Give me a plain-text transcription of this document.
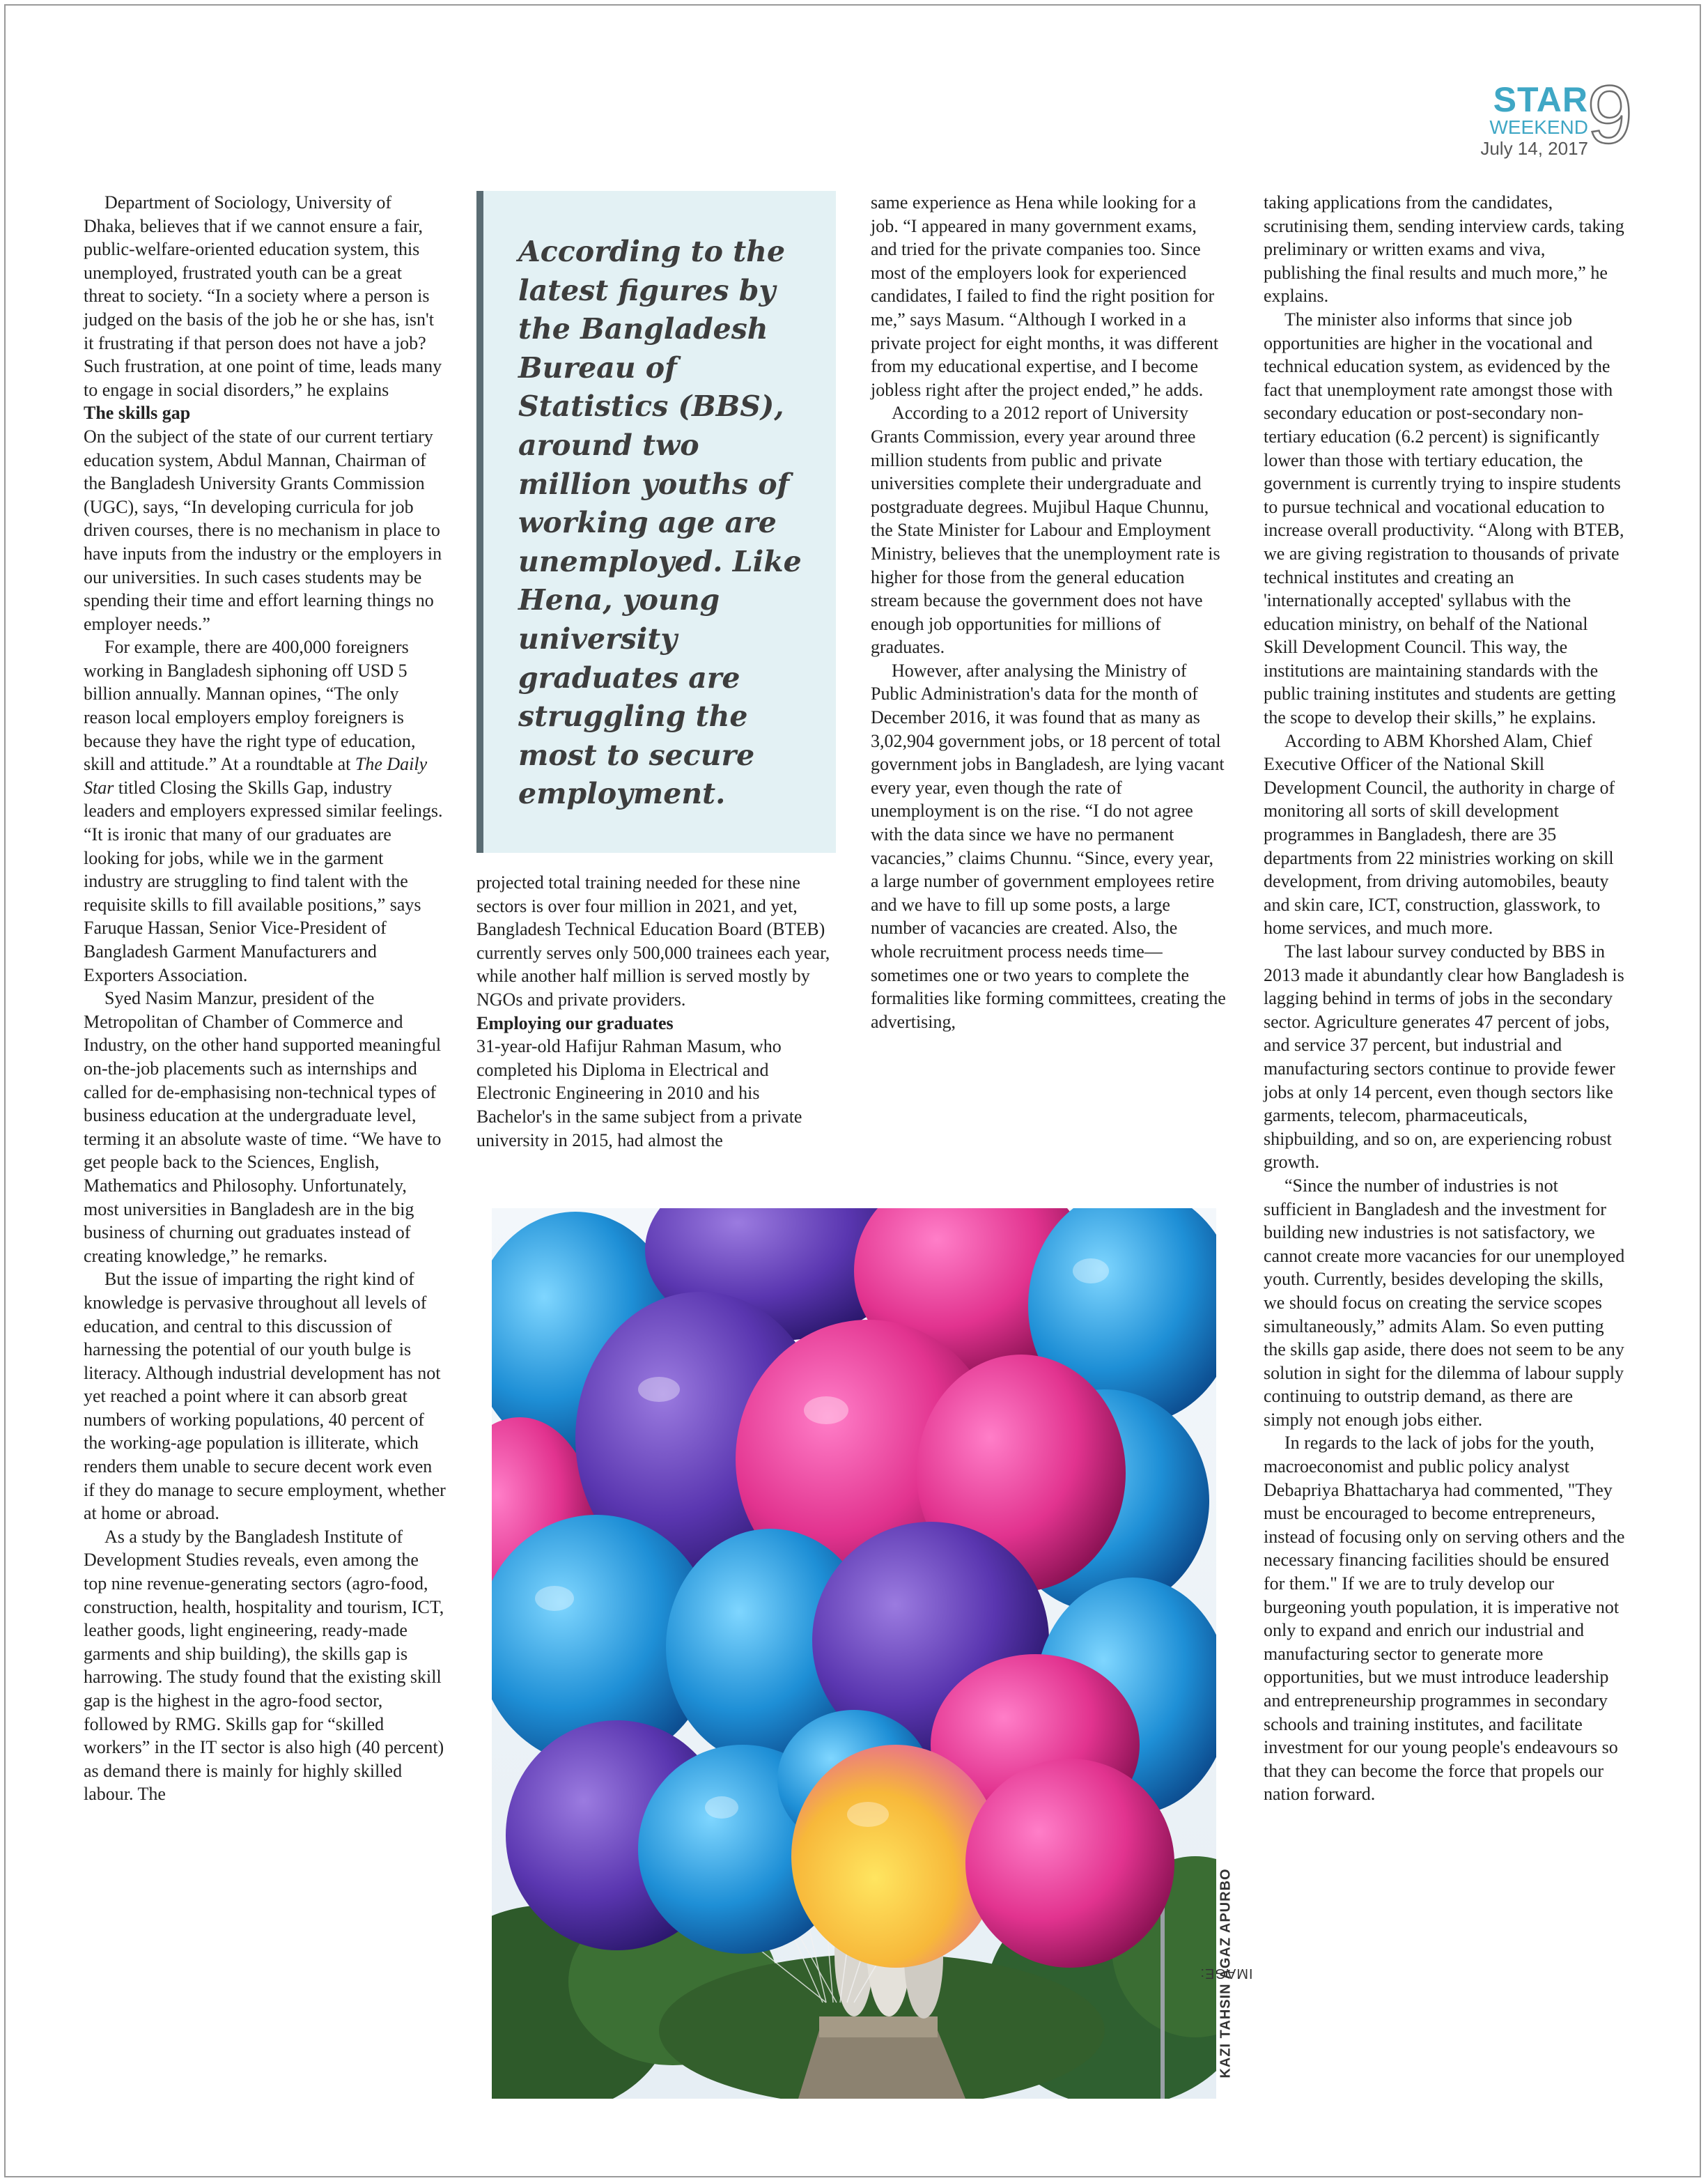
STAR
WEEKEND
July 14, 2017
9

Department of Sociology, University of Dhaka, believes that if we cannot ensure a fair, public-welfare-oriented education system, this unemployed, frustrated youth can be a great threat to society. “In a society where a person is judged on the basis of the job he or she has, isn't it frustrating if that person does not have a job? Such frustration, at one point of time, leads many to engage in social disorders,” he explains

The skills gap

On the subject of the state of our current tertiary education system, Abdul Mannan, Chairman of the Bangladesh University Grants Commission (UGC), says, “In developing curricula for job driven courses, there is no mechanism in place to have inputs from the industry or the employers in our universities. In such cases students may be spending their time and effort learning things no employer needs.”

For example, there are 400,000 foreigners working in Bangladesh siphoning off USD 5 billion annually. Mannan opines, “The only reason local employers employ foreigners is because they have the right type of education, skill and attitude.” At a roundtable at The Daily Star titled Closing the Skills Gap, industry leaders and employers expressed similar feelings. “It is ironic that many of our graduates are looking for jobs, while we in the garment industry are struggling to find talent with the requisite skills to fill available positions,” says Faruque Hassan, Senior Vice-President of Bangladesh Garment Manufacturers and Exporters Association.

Syed Nasim Manzur, president of the Metropolitan of Chamber of Commerce and Industry, on the other hand supported meaningful on-the-job placements such as internships and called for de-emphasising non-technical types of business education at the undergraduate level, terming it an absolute waste of time. “We have to get people back to the Sciences, English, Mathematics and Philosophy. Unfortunately, most universities in Bangladesh are in the big business of churning out graduates instead of creating knowledge,” he remarks.

But the issue of imparting the right kind of knowledge is pervasive throughout all levels of education, and central to this discussion of harnessing the potential of our youth bulge is literacy. Although industrial development has not yet reached a point where it can absorb great numbers of working populations, 40 percent of the working-age population is illiterate, which renders them unable to secure decent work even if they do manage to secure employment, whether at home or abroad.

As a study by the Bangladesh Institute of Development Studies reveals, even among the top nine revenue-generating sectors (agro-food, construction, health, hospitality and tourism, ICT, leather goods, light engineering, ready-made garments and ship building), the skills gap is harrowing. The study found that the existing skill gap is the highest in the agro-food sector, followed by RMG. Skills gap for “skilled workers” in the IT sector is also high (40 percent) as demand there is mainly for highly skilled labour. The

According to the latest figures by the Bangladesh Bureau of Statistics (BBS), around two million youths of working age are unemployed. Like Hena, young university graduates are struggling the most to secure employment.

projected total training needed for these nine sectors is over four million in 2021, and yet, Bangladesh Technical Education Board (BTEB) currently serves only 500,000 trainees each year, while another half million is served mostly by NGOs and private providers.

Employing our graduates

31-year-old Hafijur Rahman Masum, who completed his Diploma in Electrical and Electronic Engineering in 2010 and his Bachelor's in the same subject from a private university in 2015, had almost the

same experience as Hena while looking for a job. “I appeared in many government exams, and tried for the private companies too. Since most of the employers look for experienced candidates, I failed to find the right position for me,” says Masum. “Although I worked in a private project for eight months, it was different from my educational expertise, and I become jobless right after the project ended,” he adds.

According to a 2012 report of University Grants Commission, every year around three million students from public and private universities complete their undergraduate and postgraduate degrees. Mujibul Haque Chunnu, the State Minister for Labour and Employment Ministry, believes that the unemployment rate is higher for those from the general education stream because the government does not have enough job opportunities for millions of graduates.

However, after analysing the Ministry of Public Administration's data for the month of December 2016, it was found that as many as 3,02,904 government jobs, or 18 percent of total government jobs in Bangladesh, are lying vacant every year, even though the rate of unemployment is on the rise. “I do not agree with the data since we have no permanent vacancies,” claims Chunnu. “Since, every year, a large number of government employees retire and we have to fill up some posts, a large number of vacancies are created. Also, the whole recruitment process needs time—sometimes one or two years to complete the formalities like forming committees, creating the advertising,

taking applications from the candidates, scrutinising them, sending interview cards, taking preliminary or written exams and viva, publishing the final results and much more,” he explains.

The minister also informs that since job opportunities are higher in the vocational and technical education system, as evidenced by the fact that unemployment rate amongst those with secondary education or post-secondary non-tertiary education (6.2 percent) is significantly lower than those with tertiary education, the government is currently trying to inspire students to pursue technical and vocational education to increase overall productivity. “Along with BTEB, we are giving registration to thousands of private technical institutes and creating an 'internationally accepted' syllabus with the education ministry, on behalf of the National Skill Development Council. This way, the institutions are maintaining standards with the public training institutes and students are getting the scope to develop their skills,” he explains.

According to ABM Khorshed Alam, Chief Executive Officer of the National Skill Development Council, the authority in charge of monitoring all sorts of skill development programmes in Bangladesh, there are 35 departments from 22 ministries working on skill development, from driving automobiles, beauty and skin care, ICT, construction, glasswork, to home services, and much more.

The last labour survey conducted by BBS in 2013 made it abundantly clear how Bangladesh is lagging behind in terms of jobs in the secondary sector. Agriculture generates 47 percent of jobs, and service 37 percent, but industrial and manufacturing sectors continue to provide fewer jobs at only 14 percent, even though sectors like garments, telecom, pharmaceuticals, shipbuilding, and so on, are experiencing robust growth.

“Since the number of industries is not sufficient in Bangladesh and the investment for building new industries is not satisfactory, we cannot create more vacancies for our unemployed youth. Currently, besides developing the skills, we should focus on creating the service scopes simultaneously,” admits Alam. So even putting the skills gap aside, there does not seem to be any solution in sight for the dilemma of labour supply continuing to outstrip demand, as there are simply not enough jobs either.

In regards to the lack of jobs for the youth, macroeconomist and public policy analyst Debapriya Bhattacharya had commented, "They must be encouraged to become entrepreneurs, instead of focusing only on serving others and the necessary financing facilities should be ensured for them." If we are to truly develop our burgeoning youth population, it is imperative not only to expand and enrich our industrial and manufacturing sector to generate more opportunities, but we must introduce leadership and entrepreneurship programmes in secondary schools and training institutes, and facilitate investment for our young people's endeavours so that they can become the force that propels our nation forward.

IMAGE:
KAZI TAHSIN AGAZ APURBO
